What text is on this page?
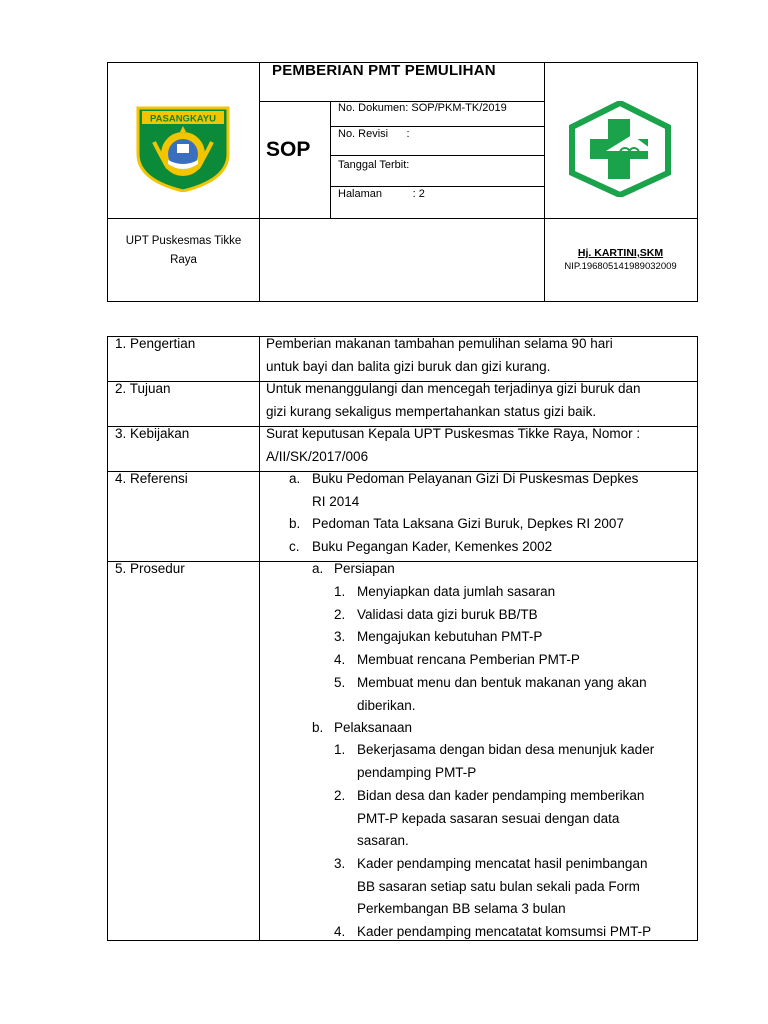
PASANGKAYU
PEMBERIAN PMT PEMULIHAN
SOP
No. Dokumen: SOP/PKM-TK/2019
No. Revisi      :
Tanggal Terbit:
Halaman          : 2
UPT Puskesmas Tikke
Raya
Hj. KARTINI,SKM
NIP.196805141989032009
1. Pengertian
2. Tujuan
3. Kebijakan
4. Referensi
5. Prosedur
Pemberian makanan tambahan pemulihan selama 90 hari
untuk bayi dan balita gizi buruk dan gizi kurang.
Untuk menanggulangi dan mencegah terjadinya gizi buruk dan
gizi kurang sekaligus mempertahankan status gizi baik.
Surat keputusan Kepala UPT Puskesmas Tikke Raya, Nomor :
A/II/SK/2017/006
a. Buku Pedoman Pelayanan Gizi Di Puskesmas Depkes
RI 2014
b. Pedoman Tata Laksana Gizi Buruk, Depkes RI 2007
c. Buku Pegangan Kader, Kemenkes 2002
a. Persiapan
1. Menyiapkan data jumlah sasaran
2. Validasi data gizi buruk BB/TB
3. Mengajukan kebutuhan PMT-P
4. Membuat rencana Pemberian PMT-P
5. Membuat menu dan bentuk makanan yang akan
diberikan.
b. Pelaksanaan
1. Bekerjasama dengan bidan desa menunjuk kader
pendamping PMT-P
2. Bidan desa dan kader pendamping memberikan
PMT-P kepada sasaran sesuai dengan data
sasaran.
3. Kader pendamping mencatat hasil penimbangan
BB sasaran setiap satu bulan sekali pada Form
Perkembangan BB selama 3 bulan
4. Kader pendamping mencatatat komsumsi PMT-P
